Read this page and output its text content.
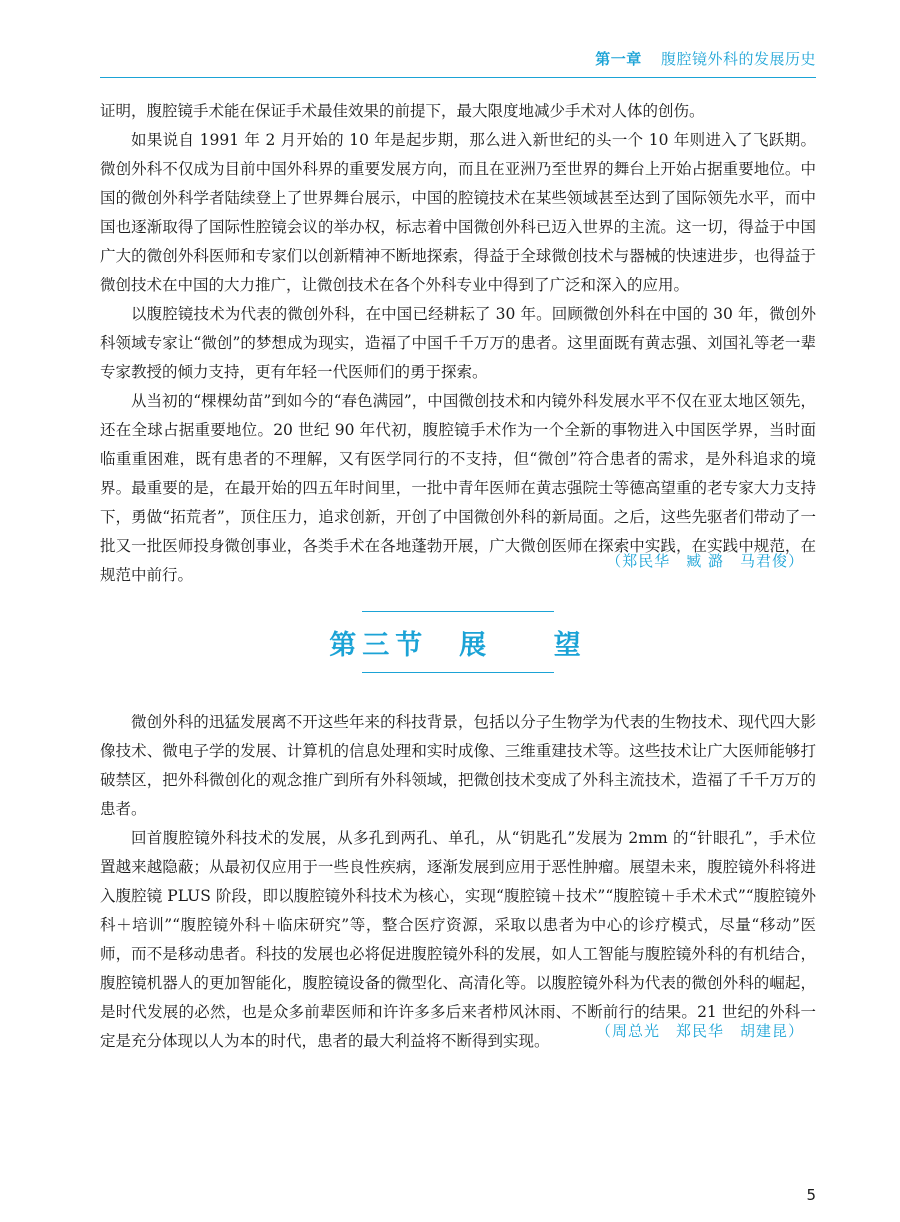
第一章 腹腔镜外科的发展历史

证明，腹腔镜手术能在保证手术最佳效果的前提下，最大限度地减少手术对人体的创伤。

如果说自 1991 年 2 月开始的 10 年是起步期，那么进入新世纪的头一个 10 年则进入了飞跃期。微创外科不仅成为目前中国外科界的重要发展方向，而且在亚洲乃至世界的舞台上开始占据重要地位。中国的微创外科学者陆续登上了世界舞台展示，中国的腔镜技术在某些领域甚至达到了国际领先水平，而中国也逐渐取得了国际性腔镜会议的举办权，标志着中国微创外科已迈入世界的主流。这一切，得益于中国广大的微创外科医师和专家们以创新精神不断地探索，得益于全球微创技术与器械的快速进步，也得益于微创技术在中国的大力推广，让微创技术在各个外科专业中得到了广泛和深入的应用。

以腹腔镜技术为代表的微创外科，在中国已经耕耘了 30 年。回顾微创外科在中国的 30 年，微创外科领域专家让“微创”的梦想成为现实，造福了中国千千万万的患者。这里面既有黄志强、刘国礼等老一辈专家教授的倾力支持，更有年轻一代医师们的勇于探索。

从当初的“棵棵幼苗”到如今的“春色满园”，中国微创技术和内镜外科发展水平不仅在亚太地区领先，还在全球占据重要地位。20 世纪 90 年代初，腹腔镜手术作为一个全新的事物进入中国医学界，当时面临重重困难，既有患者的不理解，又有医学同行的不支持，但“微创”符合患者的需求，是外科追求的境界。最重要的是，在最开始的四五年时间里，一批中青年医师在黄志强院士等德高望重的老专家大力支持下，勇做“拓荒者”，顶住压力，追求创新，开创了中国微创外科的新局面。之后，这些先驱者们带动了一批又一批医师投身微创事业，各类手术在各地蓬勃开展，广大微创医师在探索中实践，在实践中规范，在规范中前行。

（郑民华　臧 潞　马君俊）
第三节  展    望

微创外科的迅猛发展离不开这些年来的科技背景，包括以分子生物学为代表的生物技术、现代四大影像技术、微电子学的发展、计算机的信息处理和实时成像、三维重建技术等。这些技术让广大医师能够打破禁区，把外科微创化的观念推广到所有外科领域，把微创技术变成了外科主流技术，造福了千千万万的患者。

回首腹腔镜外科技术的发展，从多孔到两孔、单孔，从“钥匙孔”发展为 2mm 的“针眼孔”，手术位置越来越隐蔽；从最初仅应用于一些良性疾病，逐渐发展到应用于恶性肿瘤。展望未来，腹腔镜外科将进入腹腔镜 PLUS 阶段，即以腹腔镜外科技术为核心，实现“腹腔镜＋技术”“腹腔镜＋手术术式”“腹腔镜外科＋培训”“腹腔镜外科＋临床研究”等，整合医疗资源，采取以患者为中心的诊疗模式，尽量“移动”医师，而不是移动患者。科技的发展也必将促进腹腔镜外科的发展，如人工智能与腹腔镜外科的有机结合，腹腔镜机器人的更加智能化，腹腔镜设备的微型化、高清化等。以腹腔镜外科为代表的微创外科的崛起，是时代发展的必然，也是众多前辈医师和许许多多后来者栉风沐雨、不断前行的结果。21 世纪的外科一定是充分体现以人为本的时代，患者的最大利益将不断得到实现。

（周总光　郑民华　胡建昆）
5
